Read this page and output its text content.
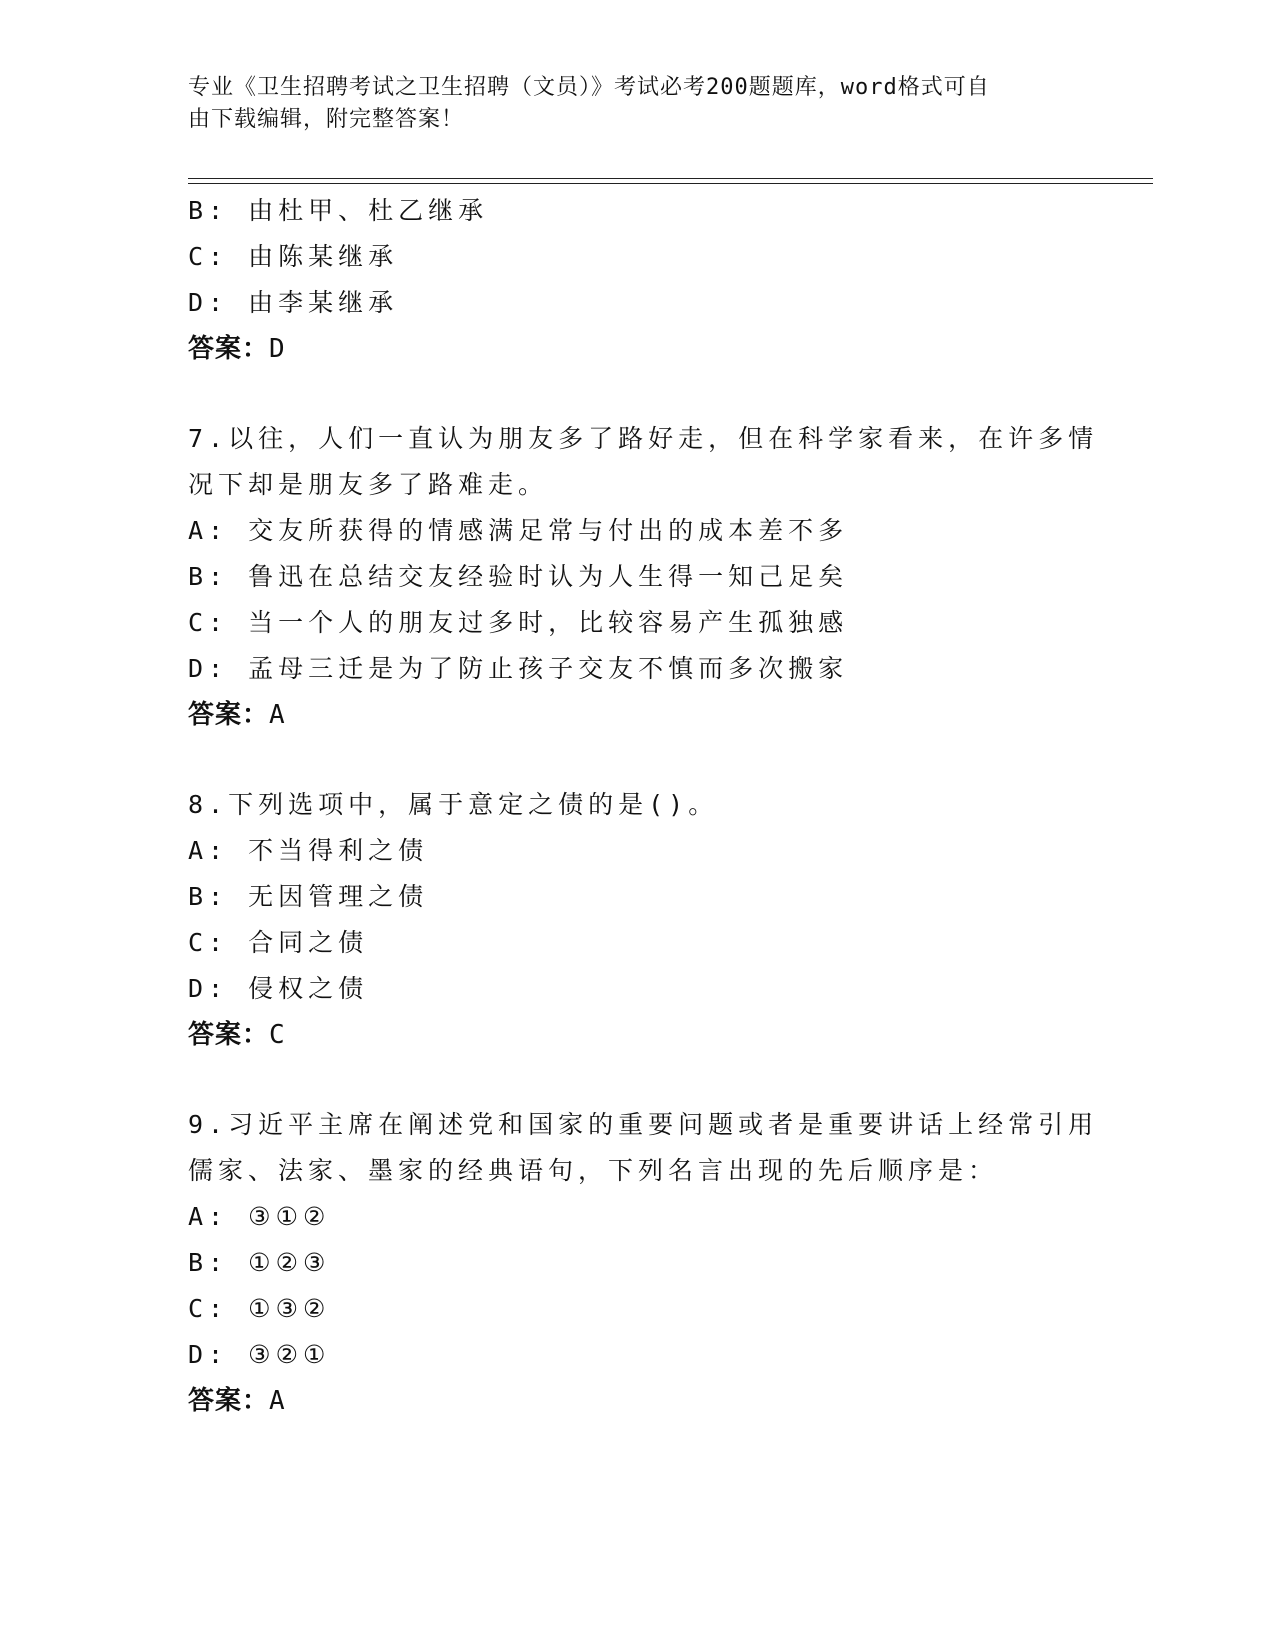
专业《卫生招聘考试之卫生招聘（文员）》考试必考200题题库，word格式可自
由下载编辑，附完整答案！
B: 由杜甲、杜乙继承
C: 由陈某继承
D: 由李某继承
答案：D
7.以往，人们一直认为朋友多了路好走，但在科学家看来，在许多情
况下却是朋友多了路难走。
A: 交友所获得的情感满足常与付出的成本差不多
B: 鲁迅在总结交友经验时认为人生得一知己足矣
C: 当一个人的朋友过多时，比较容易产生孤独感
D: 孟母三迁是为了防止孩子交友不慎而多次搬家
答案：A
8.下列选项中，属于意定之债的是()。
A: 不当得利之债
B: 无因管理之债
C: 合同之债
D: 侵权之债
答案：C
9.习近平主席在阐述党和国家的重要问题或者是重要讲话上经常引用
儒家、法家、墨家的经典语句，下列名言出现的先后顺序是：
A: ③①②
B: ①②③
C: ①③②
D: ③②①
答案：A
